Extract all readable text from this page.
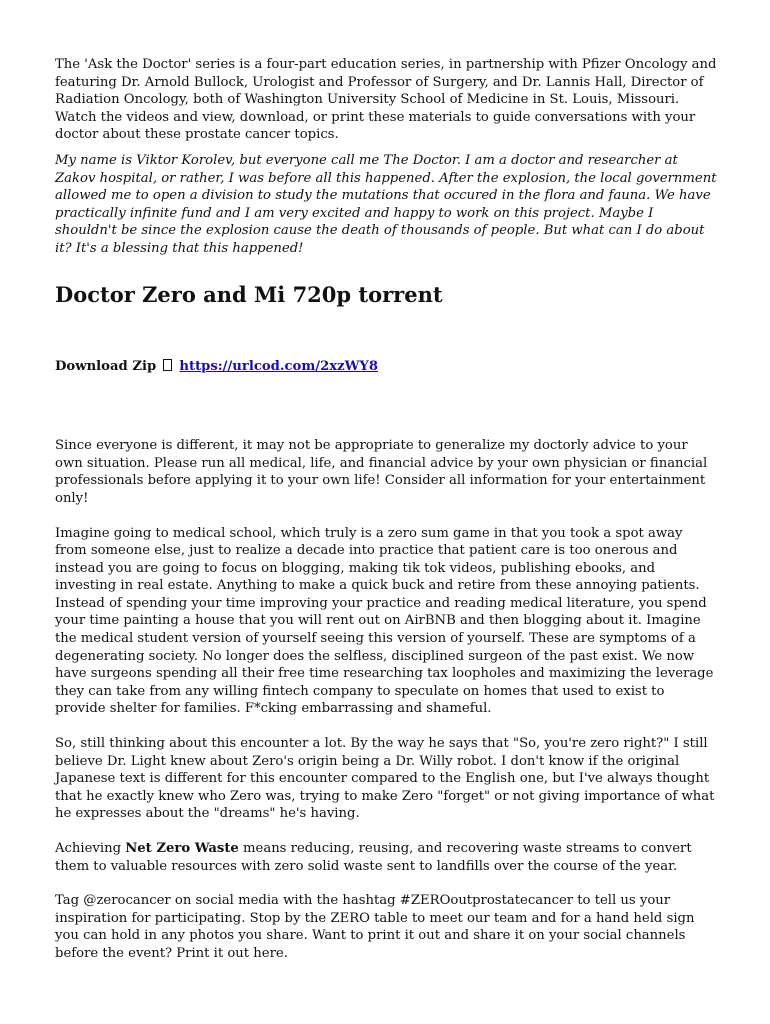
The 'Ask the Doctor' series is a four-part education series, in partnership with Pfizer Oncology and featuring Dr. Arnold Bullock, Urologist and Professor of Surgery, and Dr. Lannis Hall, Director of Radiation Oncology, both of Washington University School of Medicine in St. Louis, Missouri. Watch the videos and view, download, or print these materials to guide conversations with your doctor about these prostate cancer topics.

My name is Viktor Korolev, but everyone call me The Doctor. I am a doctor and researcher at Zakov hospital, or rather, I was before all this happened. After the explosion, the local government allowed me to open a division to study the mutations that occured in the flora and fauna. We have practically infinite fund and I am very excited and happy to work on this project. Maybe I shouldn't be since the explosion cause the death of thousands of people. But what can I do about it? It's a blessing that this happened!

Doctor Zero and Mi 720p torrent

Download Zip https://urlcod.com/2xzWY8

Since everyone is different, it may not be appropriate to generalize my doctorly advice to your own situation. Please run all medical, life, and financial advice by your own physician or financial professionals before applying it to your own life! Consider all information for your entertainment only!

Imagine going to medical school, which truly is a zero sum game in that you took a spot away from someone else, just to realize a decade into practice that patient care is too onerous and instead you are going to focus on blogging, making tik tok videos, publishing ebooks, and investing in real estate. Anything to make a quick buck and retire from these annoying patients. Instead of spending your time improving your practice and reading medical literature, you spend your time painting a house that you will rent out on AirBNB and then blogging about it. Imagine the medical student version of yourself seeing this version of yourself. These are symptoms of a degenerating society. No longer does the selfless, disciplined surgeon of the past exist. We now have surgeons spending all their free time researching tax loopholes and maximizing the leverage they can take from any willing fintech company to speculate on homes that used to exist to provide shelter for families. F*cking embarrassing and shameful.

So, still thinking about this encounter a lot. By the way he says that "So, you're zero right?" I still believe Dr. Light knew about Zero's origin being a Dr. Willy robot. I don't know if the original Japanese text is different for this encounter compared to the English one, but I've always thought that he exactly knew who Zero was, trying to make Zero "forget" or not giving importance of what he expresses about the "dreams" he's having.

Achieving Net Zero Waste means reducing, reusing, and recovering waste streams to convert them to valuable resources with zero solid waste sent to landfills over the course of the year.

Tag @zerocancer on social media with the hashtag #ZEROoutprostatecancer to tell us your inspiration for participating. Stop by the ZERO table to meet our team and for a hand held sign you can hold in any photos you share. Want to print it out and share it on your social channels before the event? Print it out here.
